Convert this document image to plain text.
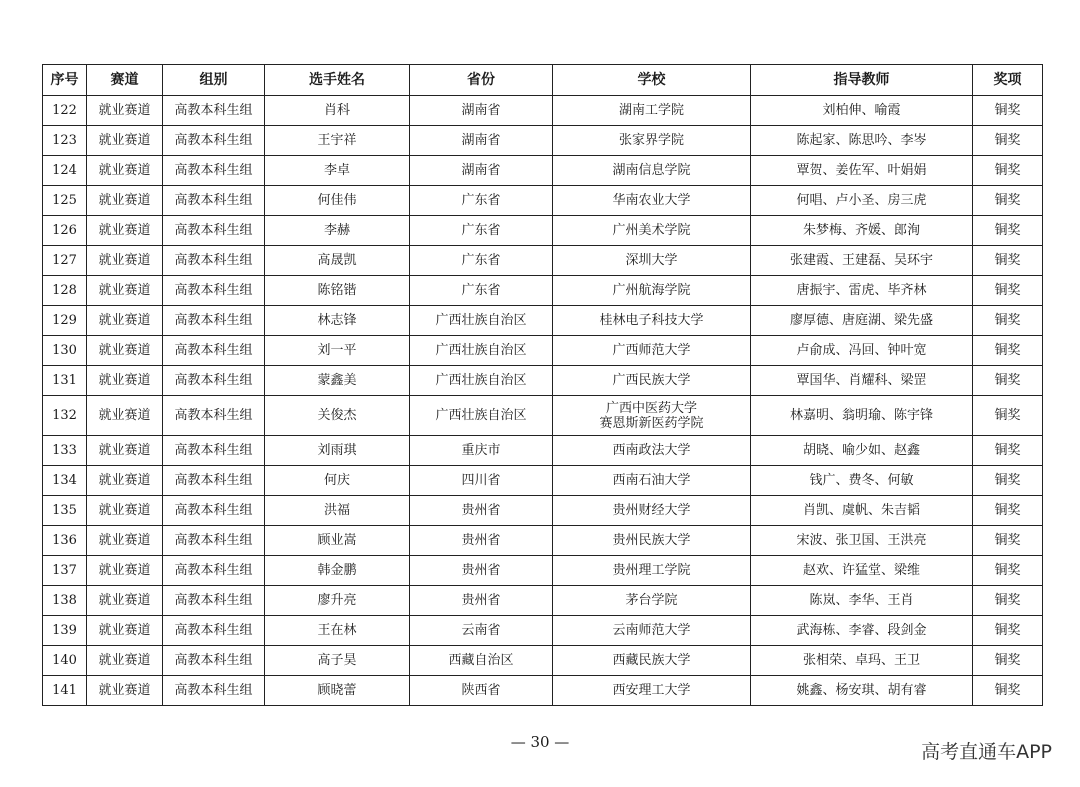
序号	赛道	组别	选手姓名	省份	学校	指导教师	奖项
122	就业赛道	高教本科生组	肖科	湖南省	湖南工学院	刘柏伸、喻霞	铜奖
123	就业赛道	高教本科生组	王宇祥	湖南省	张家界学院	陈起家、陈思吟、李岑	铜奖
124	就业赛道	高教本科生组	李卓	湖南省	湖南信息学院	覃贺、姜佐军、叶娟娟	铜奖
125	就业赛道	高教本科生组	何佳伟	广东省	华南农业大学	何唱、卢小圣、房三虎	铜奖
126	就业赛道	高教本科生组	李赫	广东省	广州美术学院	朱梦梅、齐媛、郎洵	铜奖
127	就业赛道	高教本科生组	高晟凯	广东省	深圳大学	张建霞、王建磊、吴环宇	铜奖
128	就业赛道	高教本科生组	陈铭锴	广东省	广州航海学院	唐振宇、雷虎、毕齐林	铜奖
129	就业赛道	高教本科生组	林志锋	广西壮族自治区	桂林电子科技大学	廖厚德、唐庭湖、梁先盛	铜奖
130	就业赛道	高教本科生组	刘一平	广西壮族自治区	广西师范大学	卢俞成、冯回、钟叶宽	铜奖
131	就业赛道	高教本科生组	蒙鑫美	广西壮族自治区	广西民族大学	覃国华、肖耀科、梁罡	铜奖
132	就业赛道	高教本科生组	关俊杰	广西壮族自治区	广西中医药大学
赛恩斯新医药学院	林嘉明、翁明瑜、陈宇锋	铜奖
133	就业赛道	高教本科生组	刘雨琪	重庆市	西南政法大学	胡晓、喻少如、赵鑫	铜奖
134	就业赛道	高教本科生组	何庆	四川省	西南石油大学	钱广、费冬、何敏	铜奖
135	就业赛道	高教本科生组	洪福	贵州省	贵州财经大学	肖凯、虞帆、朱吉韬	铜奖
136	就业赛道	高教本科生组	顾业嵩	贵州省	贵州民族大学	宋波、张卫国、王洪亮	铜奖
137	就业赛道	高教本科生组	韩金鹏	贵州省	贵州理工学院	赵欢、许猛堂、梁维	铜奖
138	就业赛道	高教本科生组	廖升亮	贵州省	茅台学院	陈岚、李华、王肖	铜奖
139	就业赛道	高教本科生组	王在林	云南省	云南师范大学	武海栋、李睿、段剑金	铜奖
140	就业赛道	高教本科生组	高子昊	西藏自治区	西藏民族大学	张相荣、卓玛、王卫	铜奖
141	就业赛道	高教本科生组	顾晓蕾	陕西省	西安理工大学	姚鑫、杨安琪、胡有睿	铜奖
— 30 —	高考直通车APP
